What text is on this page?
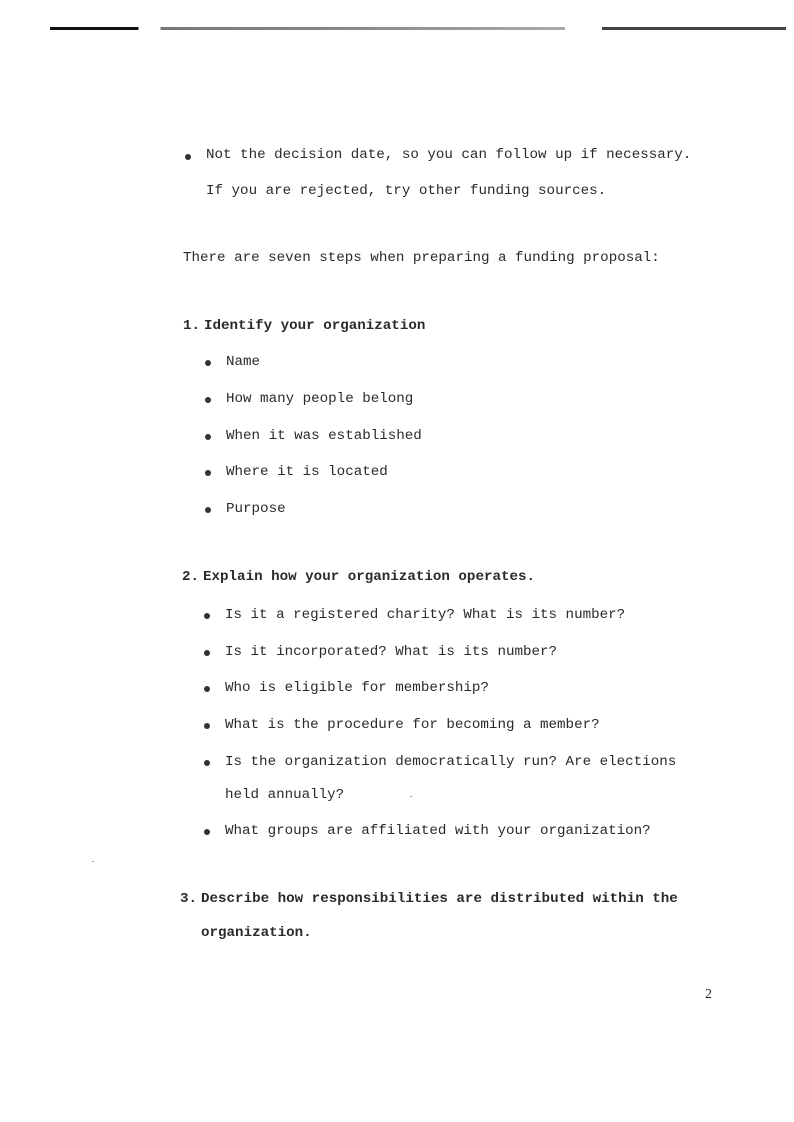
Not the decision date, so you can follow up if necessary.
If you are rejected, try other funding sources.
There are seven steps when preparing a funding proposal:
1. Identify your organization
Name
How many people belong
When it was established
Where it is located
Purpose
2. Explain how your organization operates.
Is it a registered charity? What is its number?
Is it incorporated? What is its number?
Who is eligible for membership?
What is the procedure for becoming a member?
Is the organization democratically run? Are elections
held annually?
What groups are affiliated with your organization?
3. Describe how responsibilities are distributed within the
organization.
2
